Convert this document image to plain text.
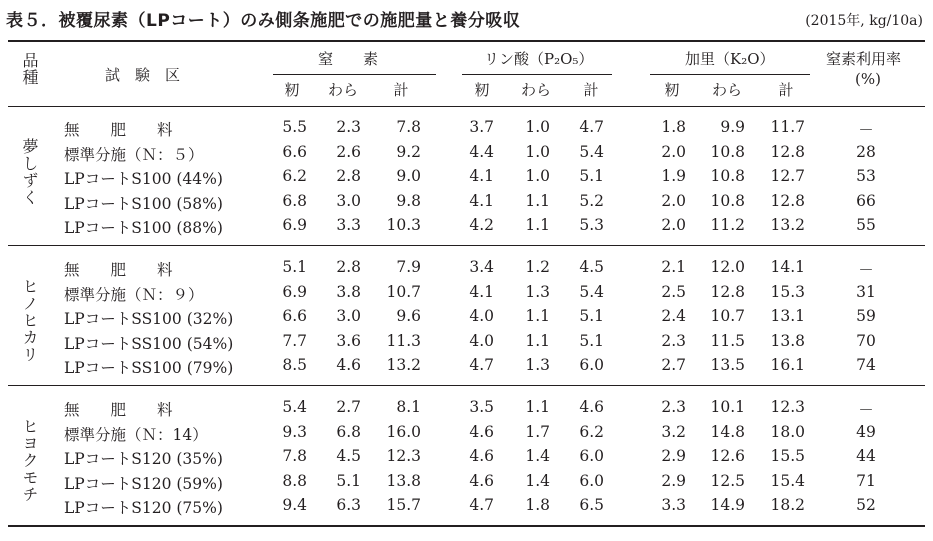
表５．被覆尿素（LPコート）のみ側条施肥での施肥量と養分吸収	(2015年, kg/10a)
品種	試　験　区
窒　　素	リン酸（P₂O₅）	加里（K₂O）	窒素利用率
(%)
籾	わら	計	籾	わら	計	籾	わら	計
夢しずく
無　　肥　　料	5.5	2.3	7.8	3.7	1.0	4.7	1.8	9.9	11.7	－
標準分施（Ｎ：５）	6.6	2.6	9.2	4.4	1.0	5.4	2.0	10.8	12.8	28
LPコートS100 (44%)	6.2	2.8	9.0	4.1	1.0	5.1	1.9	10.8	12.7	53
LPコートS100 (58%)	6.8	3.0	9.8	4.1	1.1	5.2	2.0	10.8	12.8	66
LPコートS100 (88%)	6.9	3.3	10.3	4.2	1.1	5.3	2.0	11.2	13.2	55
ヒノヒカリ
無　　肥　　料	5.1	2.8	7.9	3.4	1.2	4.5	2.1	12.0	14.1	－
標準分施（Ｎ：９）	6.9	3.8	10.7	4.1	1.3	5.4	2.5	12.8	15.3	31
LPコートSS100 (32%)	6.6	3.0	9.6	4.0	1.1	5.1	2.4	10.7	13.1	59
LPコートSS100 (54%)	7.7	3.6	11.3	4.0	1.1	5.1	2.3	11.5	13.8	70
LPコートSS100 (79%)	8.5	4.6	13.2	4.7	1.3	6.0	2.7	13.5	16.1	74
ヒヨクモチ
無　　肥　　料	5.4	2.7	8.1	3.5	1.1	4.6	2.3	10.1	12.3	－
標準分施（Ｎ：14）	9.3	6.8	16.0	4.6	1.7	6.2	3.2	14.8	18.0	49
LPコートS120 (35%)	7.8	4.5	12.3	4.6	1.4	6.0	2.9	12.6	15.5	44
LPコートS120 (59%)	8.8	5.1	13.8	4.6	1.4	6.0	2.9	12.5	15.4	71
LPコートS120 (75%)	9.4	6.3	15.7	4.7	1.8	6.5	3.3	14.9	18.2	52
